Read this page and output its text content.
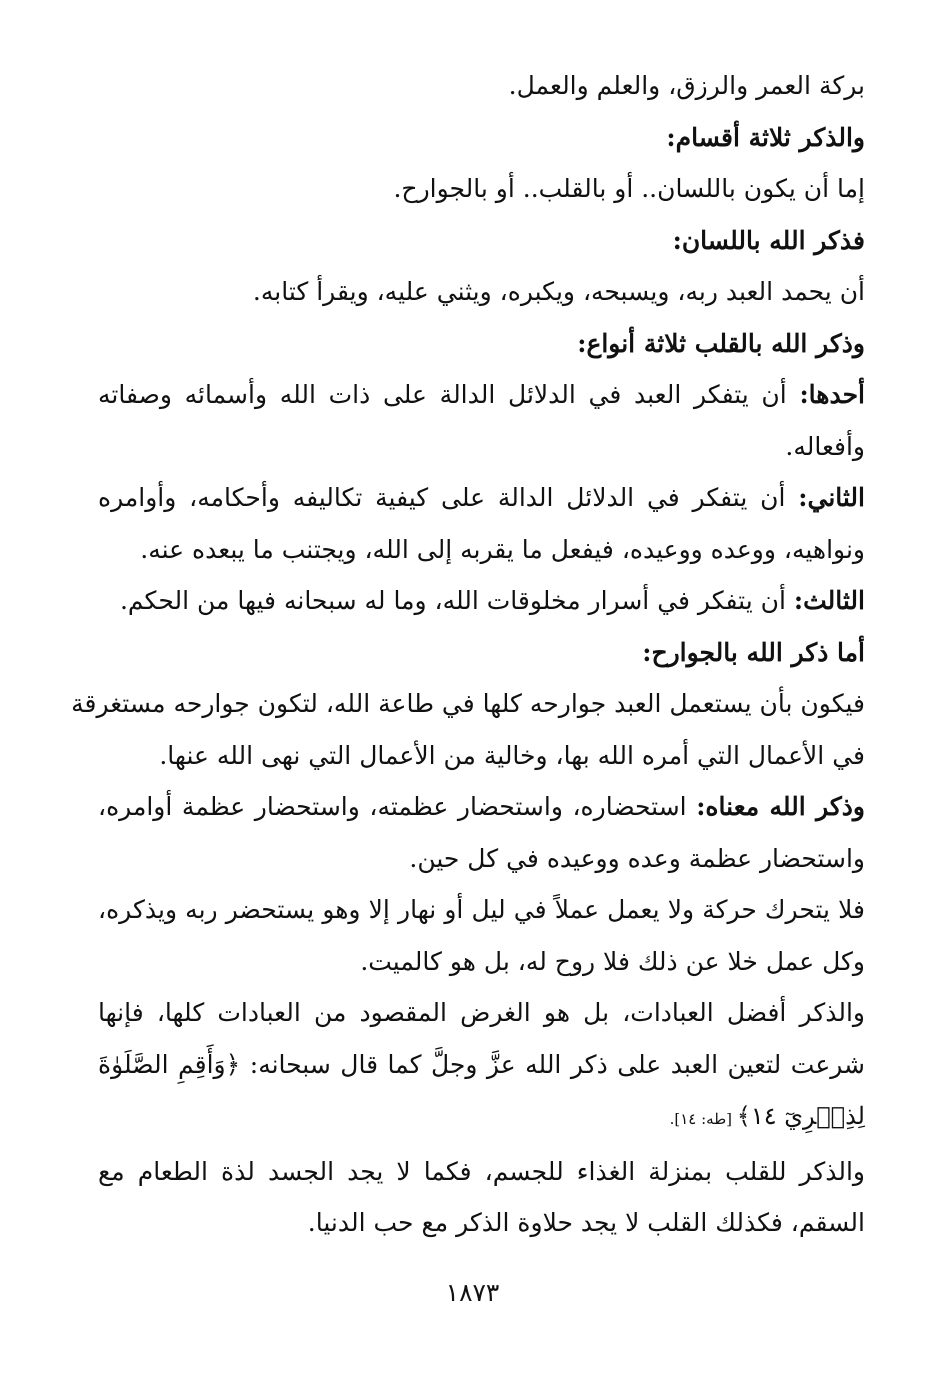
بركة العمر والرزق، والعلم والعمل.
والذكر ثلاثة أقسام:
إما أن يكون باللسان.. أو بالقلب.. أو بالجوارح.
فذكر الله باللسان:
أن يحمد العبد ربه، ويسبحه، ويكبره، ويثني عليه، ويقرأ كتابه.
وذكر الله بالقلب ثلاثة أنواع:
أحدها: أن يتفكر العبد في الدلائل الدالة على ذات الله وأسمائه وصفاته
وأفعاله.
الثاني: أن يتفكر في الدلائل الدالة على كيفية تكاليفه وأحكامه، وأوامره
ونواهيه، ووعده ووعيده، فيفعل ما يقربه إلى الله، ويجتنب ما يبعده عنه.
الثالث: أن يتفكر في أسرار مخلوقات الله، وما له سبحانه فيها من الحكم.
أما ذكر الله بالجوارح:
فيكون بأن يستعمل العبد جوارحه كلها في طاعة الله، لتكون جوارحه مستغرقة
في الأعمال التي أمره الله بها، وخالية من الأعمال التي نهى الله عنها.
وذكر الله معناه: استحضاره، واستحضار عظمته، واستحضار عظمة أوامره،
واستحضار عظمة وعده ووعيده في كل حين.
فلا يتحرك حركة ولا يعمل عملاً في ليل أو نهار إلا وهو يستحضر ربه ويذكره،
وكل عمل خلا عن ذلك فلا روح له، بل هو كالميت.
والذكر أفضل العبادات، بل هو الغرض المقصود من العبادات كلها، فإنها
شرعت لتعين العبد على ذكر الله عزَّ وجلَّ كما قال سبحانه: ﴿وَأَقِمِ الصَّلَوٰةَ
لِذِكۡرِيٓ ١٤﴾ [طه: ١٤].
والذكر للقلب بمنزلة الغذاء للجسم، فكما لا يجد الجسد لذة الطعام مع
السقم، فكذلك القلب لا يجد حلاوة الذكر مع حب الدنيا.
١٨٧٣
